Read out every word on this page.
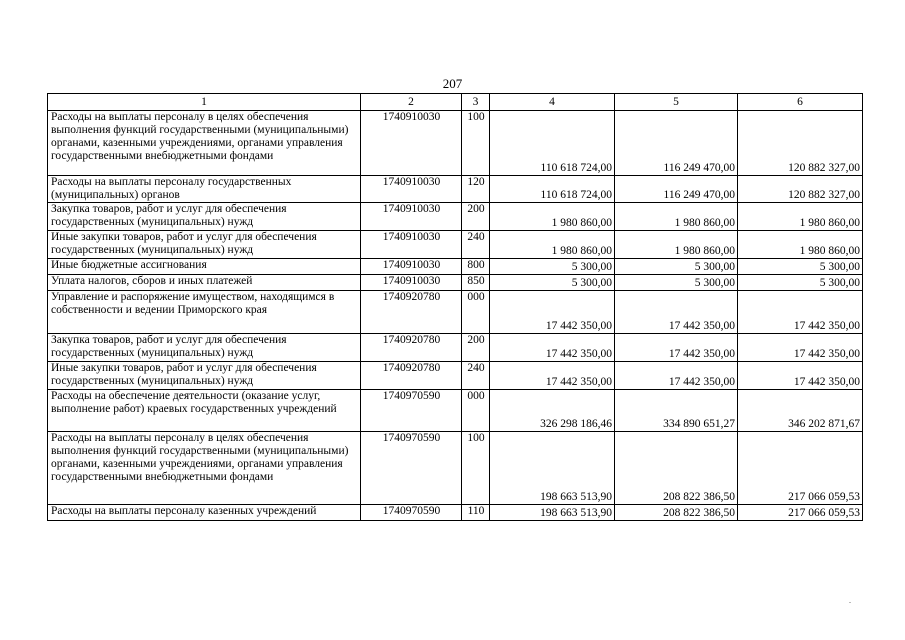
207
1	2	3	4	5	6
Расходы на выплаты персоналу в целях обеспечения выполнения функций государственными (муниципальными) органами, казенными учреждениями, органами управления государственными внебюджетными фондами	1740910030	100	110 618 724,00	116 249 470,00	120 882 327,00
Расходы на выплаты персоналу государственных (муниципальных) органов	1740910030	120	110 618 724,00	116 249 470,00	120 882 327,00
Закупка товаров, работ и услуг для обеспечения государственных (муниципальных) нужд	1740910030	200	1 980 860,00	1 980 860,00	1 980 860,00
Иные закупки товаров, работ и услуг для обеспечения государственных (муниципальных) нужд	1740910030	240	1 980 860,00	1 980 860,00	1 980 860,00
Иные бюджетные ассигнования	1740910030	800	5 300,00	5 300,00	5 300,00
Уплата налогов, сборов и иных платежей	1740910030	850	5 300,00	5 300,00	5 300,00
Управление и распоряжение имуществом, находящимся в собственности и ведении Приморского края	1740920780	000	17 442 350,00	17 442 350,00	17 442 350,00
Закупка товаров, работ и услуг для обеспечения государственных (муниципальных) нужд	1740920780	200	17 442 350,00	17 442 350,00	17 442 350,00
Иные закупки товаров, работ и услуг для обеспечения государственных (муниципальных) нужд	1740920780	240	17 442 350,00	17 442 350,00	17 442 350,00
Расходы на обеспечение деятельности (оказание услуг, выполнение работ) краевых государственных учреждений	1740970590	000	326 298 186,46	334 890 651,27	346 202 871,67
Расходы на выплаты персоналу в целях обеспечения выполнения функций государственными (муниципальными) органами, казенными учреждениями, органами управления государственными внебюджетными фондами	1740970590	100	198 663 513,90	208 822 386,50	217 066 059,53
Расходы на выплаты персоналу казенных учреждений	1740970590	110	198 663 513,90	208 822 386,50	217 066 059,53
